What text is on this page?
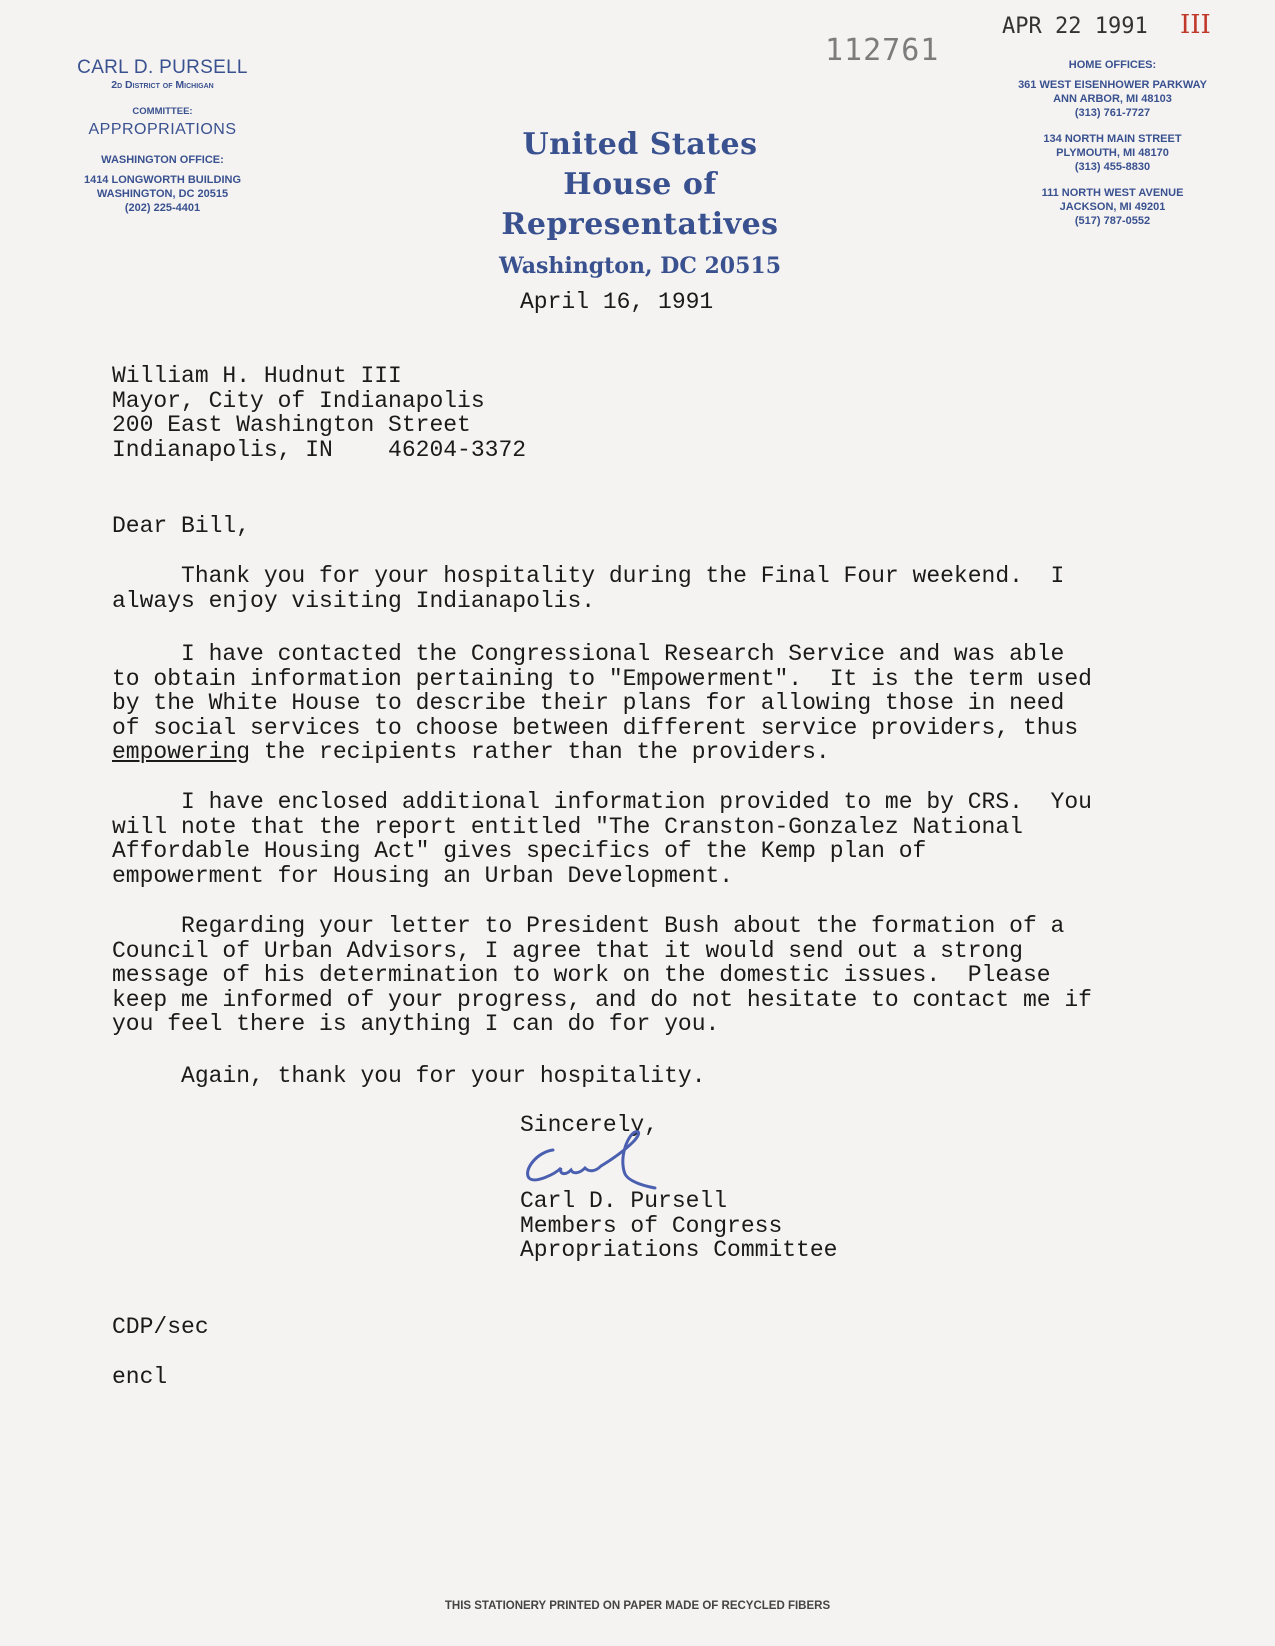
CARL D. PURSELL
2d District of Michigan
COMMITTEE:
APPROPRIATIONS
WASHINGTON OFFICE:
1414 LONGWORTH BUILDING
WASHINGTON, DC 20515
(202) 225-4401
United States
House of Representatives
Washington, DC 20515
HOME OFFICES:
361 WEST EISENHOWER PARKWAY
ANN ARBOR, MI 48103
(313) 761-7727
134 NORTH MAIN STREET
PLYMOUTH, MI 48170
(313) 455-8830
111 NORTH WEST AVENUE
JACKSON, MI 49201
(517) 787-0552
112761
APR 22 1991 III
April 16, 1991
William H. Hudnut III
Mayor, City of Indianapolis
200 East Washington Street
Indianapolis, IN    46204-3372
Dear Bill,
Thank you for your hospitality during the Final Four weekend.  I
always enjoy visiting Indianapolis.
I have contacted the Congressional Research Service and was able
to obtain information pertaining to "Empowerment".  It is the term used
by the White House to describe their plans for allowing those in need
of social services to choose between different service providers, thus
empowering the recipients rather than the providers.
I have enclosed additional information provided to me by CRS.  You
will note that the report entitled "The Cranston-Gonzalez National
Affordable Housing Act" gives specifics of the Kemp plan of
empowerment for Housing an Urban Development.
Regarding your letter to President Bush about the formation of a
Council of Urban Advisors, I agree that it would send out a strong
message of his determination to work on the domestic issues.  Please
keep me informed of your progress, and do not hesitate to contact me if
you feel there is anything I can do for you.
Again, thank you for your hospitality.
Sincerely,
Carl D. Pursell
Members of Congress
Apropriations Committee
CDP/sec
encl
THIS STATIONERY PRINTED ON PAPER MADE OF RECYCLED FIBERS
